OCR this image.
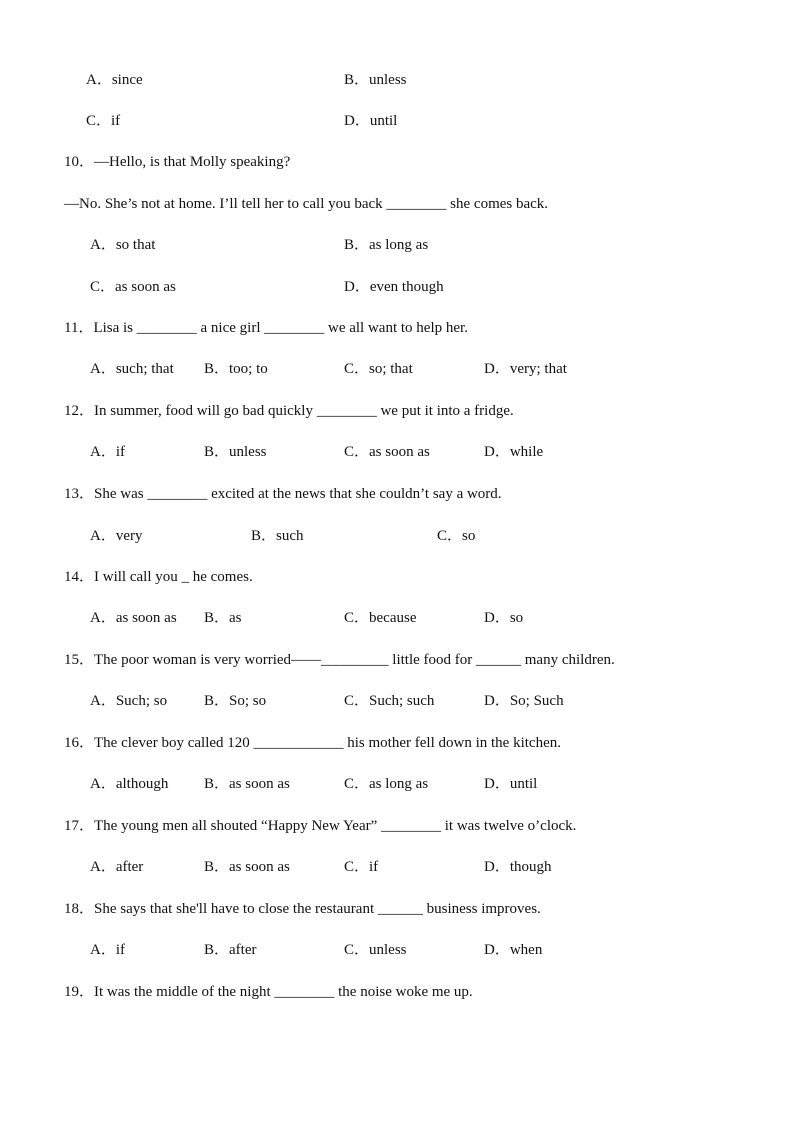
A．since	B．unless
C．if	D．until
10．—Hello, is that Molly speaking?
—No. She’s not at home. I’ll tell her to call you back ________ she comes back.
A．so that	B．as long as
C．as soon as	D．even though
11．Lisa is ________ a nice girl ________ we all want to help her.
A．such; that B．too; to	C．so; that	D．very; that
12．In summer, food will go bad quickly ________ we put it into a fridge.
A．if	B．unless	C．as soon as	D．while
13．She was ________ excited at the news that she couldn’t say a word.
A．very	B．such	C．so
14．I will call you _ he comes.
A．as soon as B．as	C．because	D．so
15．The poor woman is very worried——_________ little food for ______ many children.
A．Such; so B．So; so	C．Such; such	D．So; Such
16．The clever boy called 120 ____________ his mother fell down in the kitchen.
A．although B．as soon as	C．as long as	D．until
17．The young men all shouted “Happy New Year” ________ it was twelve o’clock.
A．after	B．as soon as	C．if	D．though
18．She says that she'll have to close the restaurant ______ business improves.
A．if	B．after	C．unless	D．when
19．It was the middle of the night ________ the noise woke me up.
